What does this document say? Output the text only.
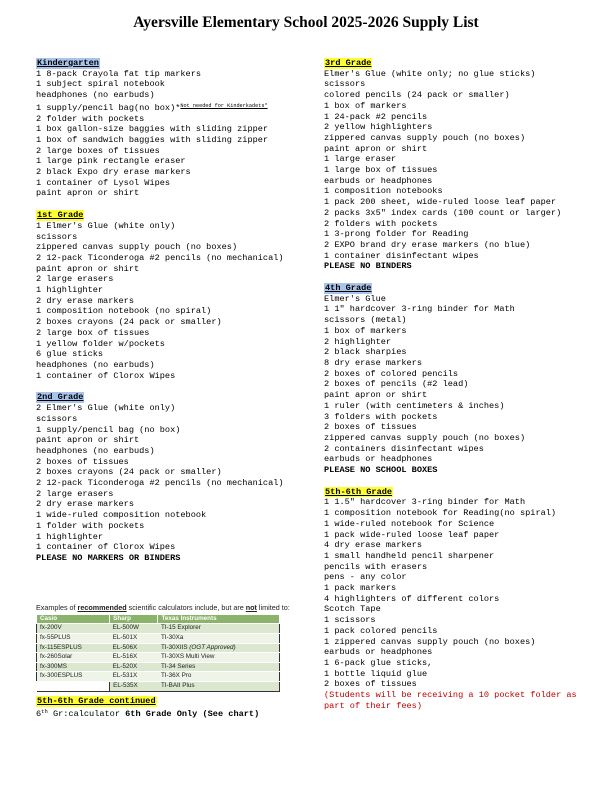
Ayersville Elementary School 2025-2026 Supply List
Kindergarten
1 8-pack Crayola fat tip markers
1 subject spiral notebook
headphones (no earbuds)
1 supply/pencil bag(no box)*$^{Not needed for Kinderkadets*}$
2 folder with pockets
1 box gallon-size baggies with sliding zipper
1 box of sandwich baggies with sliding zipper
2 large boxes of tissues
1 large pink rectangle eraser
2 black Expo dry erase markers
1 container of Lysol Wipes
paint apron or shirt
1st Grade
1 Elmer's Glue (white only)
scissors
zippered canvas supply pouch (no boxes)
2 12-pack Ticonderoga #2 pencils (no mechanical)
paint apron or shirt
2 large erasers
1 highlighter
2 dry erase markers
1 composition notebook (no spiral)
2 boxes crayons (24 pack or smaller)
2 large box of tissues
1 yellow folder w/pockets
6 glue sticks
headphones (no earbuds)
1 container of Clorox Wipes
2nd Grade
2 Elmer's Glue (white only)
scissors
1 supply/pencil bag (no box)
paint apron or shirt
headphones (no earbuds)
2 boxes of tissues
2 boxes crayons (24 pack or smaller)
2 12-pack Ticonderoga #2 pencils (no mechanical)
2 large erasers
2 dry erase markers
1 wide-ruled composition notebook
1 folder with pockets
1 highlighter
1 container of Clorox Wipes
PLEASE NO MARKERS OR BINDERS
Examples of recommended scientific calculators include, but are not limited to:
Casio	Sharp	Texas Instruments
fx-200V	EL-500W	TI-15 Explorer
fx-55PLUS	EL-501X	TI-30Xa
fx-115ESPLUS	EL-506X	TI-30XIIS (OGT Approved)
fx-260Solar	EL-516X	TI-30XS Multi View
fx-300MS	EL-520X	TI-34 Series
fx-300ESPLUS	EL-531X	TI-36X Pro
	EL-535X	TI-BAII Plus
5th-6th Grade continued
6th Gr:calculator 6th Grade Only (See chart)
3rd Grade
Elmer's Glue (white only; no glue sticks)
scissors
colored pencils (24 pack or smaller)
1 box of markers
1 24-pack #2 pencils
2 yellow highlighters
zippered canvas supply pouch (no boxes)
paint apron or shirt
1 large eraser
1 large box of tissues
earbuds or headphones
1 composition notebooks
1 pack 200 sheet, wide-ruled loose leaf paper
2 packs 3x5" index cards (100 count or larger)
2 folders with pockets
1 3-prong folder for Reading
2 EXPO brand dry erase markers (no blue)
1 container disinfectant wipes
PLEASE NO BINDERS
4th Grade
Elmer's Glue
1 1" hardcover 3-ring binder for Math
scissors (metal)
1 box of markers
2 highlighter
2 black sharpies
8 dry erase markers
2 boxes of colored pencils
2 boxes of pencils (#2 lead)
paint apron or shirt
1 ruler (with centimeters & inches)
3 folders with pockets
2 boxes of tissues
zippered canvas supply pouch (no boxes)
2 containers disinfectant wipes
earbuds or headphones
PLEASE NO SCHOOL BOXES
5th-6th Grade
1 1.5" hardcover 3-ring binder for Math
1 composition notebook for Reading(no spiral)
1 wide-ruled notebook for Science
1 pack wide-ruled loose leaf paper
4 dry erase markers
1 small handheld pencil sharpener
pencils with erasers
pens - any color
1 pack markers
4 highlighters of different colors
Scotch Tape
1 scissors
1 pack colored pencils
1 zippered canvas supply pouch (no boxes)
earbuds or headphones
1 6-pack glue sticks,
1 bottle liquid glue
2 boxes of tissues
(Students will be receiving a 10 pocket folder as part of their fees)
